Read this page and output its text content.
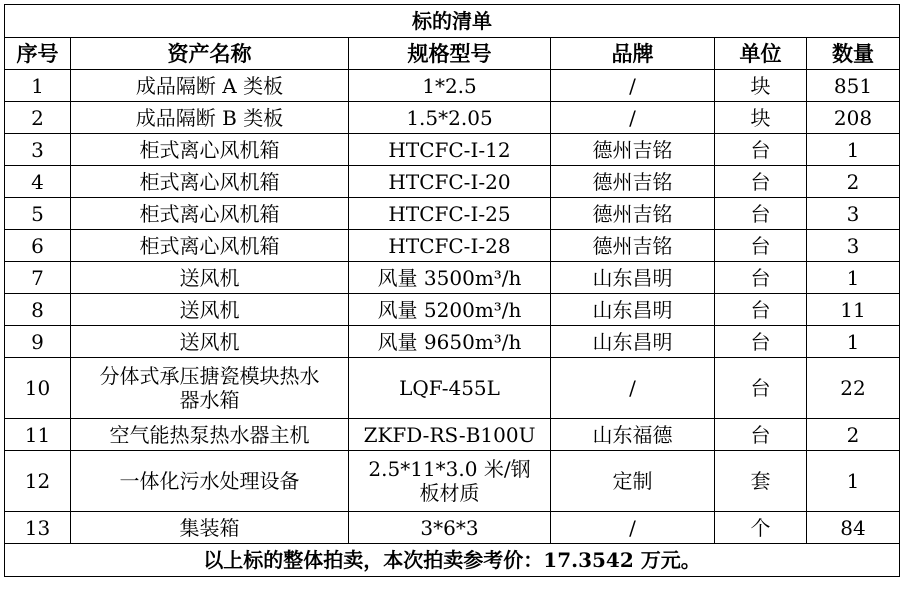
标的清单					
序号	资产名称	规格型号	品牌	单位	数量
1	成品隔断 A 类板	1*2.5	/	块	851
2	成品隔断 B 类板	1.5*2.05	/	块	208
3	柜式离心风机箱	HTCFC-I-12	德州吉铭	台	1
4	柜式离心风机箱	HTCFC-I-20	德州吉铭	台	2
5	柜式离心风机箱	HTCFC-I-25	德州吉铭	台	3
6	柜式离心风机箱	HTCFC-I-28	德州吉铭	台	3
7	送风机	风量 3500m³/h	山东昌明	台	1
8	送风机	风量 5200m³/h	山东昌明	台	11
9	送风机	风量 9650m³/h	山东昌明	台	1
10	分体式承压搪瓷模块热水器水箱	LQF-455L	/	台	22
11	空气能热泵热水器主机	ZKFD-RS-B100U	山东福德	台	2
12	一体化污水处理设备	2.5*11*3.0 米/钢板材质	定制	套	1
13	集装箱	3*6*3	/	个	84
以上标的整体拍卖，本次拍卖参考价：17.3542 万元。					
